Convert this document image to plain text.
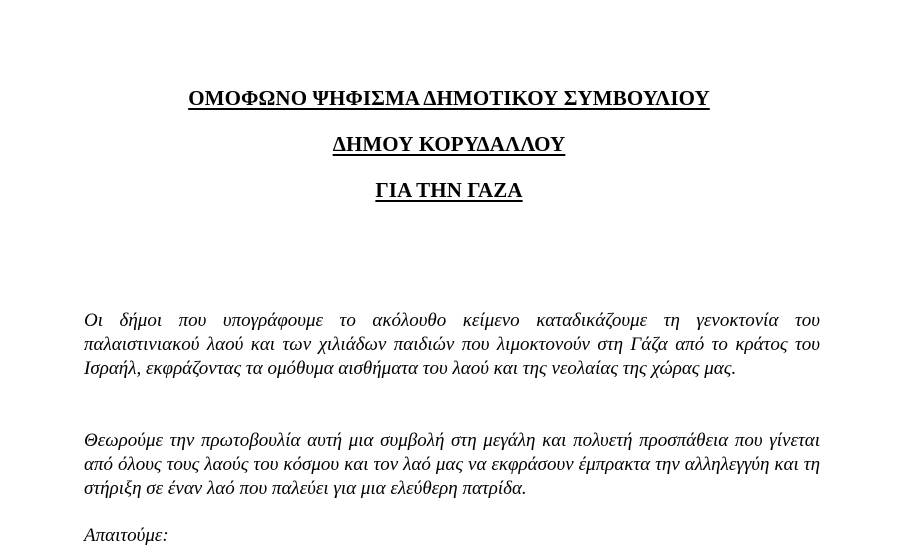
ΟΜΟΦΩΝΟ ΨΗΦΙΣΜΑ ΔΗΜΟΤΙΚΟΥ ΣΥΜΒΟΥΛΙΟΥ
ΔΗΜΟΥ ΚΟΡΥΔΑΛΛΟΥ
ΓΙΑ ΤΗΝ ΓΑΖΑ

Οι δήμοι που υπογράφουμε το ακόλουθο κείμενο καταδικάζουμε τη γενοκτονία του παλαιστινιακού λαού και των χιλιάδων παιδιών που λιμοκτονούν στη Γάζα από το κράτος του Ισραήλ, εκφράζοντας τα ομόθυμα αισθήματα του λαού και της νεολαίας της χώρας μας.

Θεωρούμε την πρωτοβουλία αυτή μια συμβολή στη μεγάλη και πολυετή προσπάθεια που γίνεται από όλους τους λαούς του κόσμου και τον λαό μας να εκφράσουν έμπρακτα την αλληλεγγύη και τη στήριξη σε έναν λαό που παλεύει για μια ελεύθερη πατρίδα.

Απαιτούμε:
